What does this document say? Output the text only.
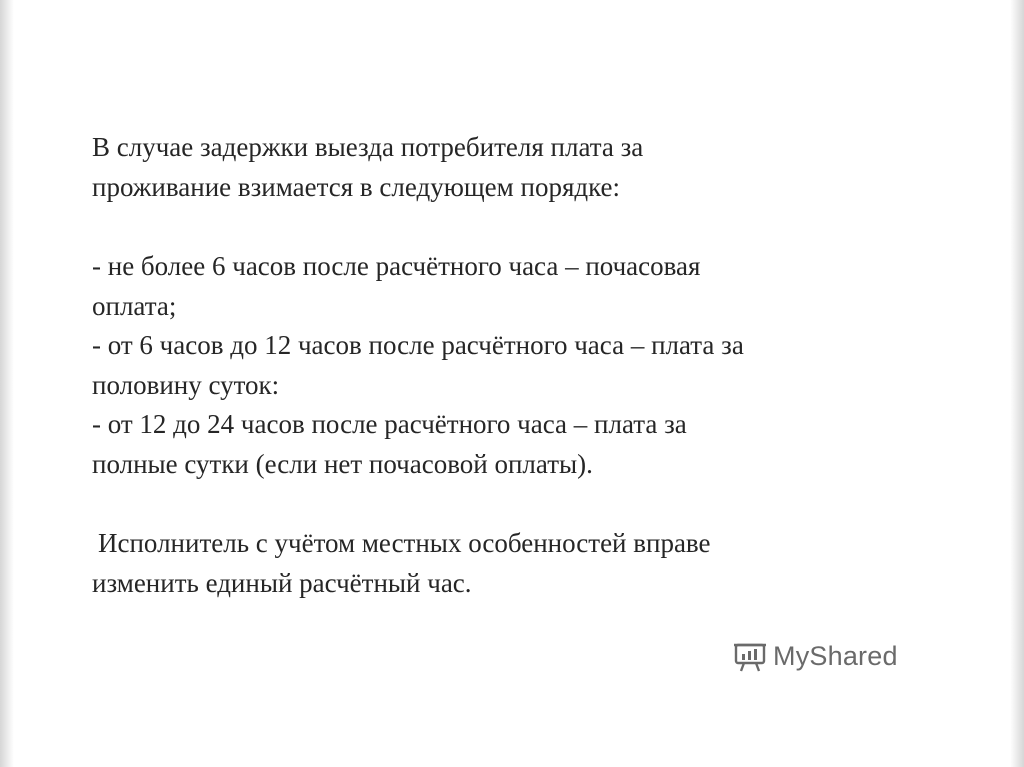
В случае задержки выезда потребителя плата за
проживание взимается в следующем порядке:
- не более 6 часов после расчётного часа – почасовая
оплата;
- от 6 часов до 12 часов после расчётного часа – плата за
половину суток:
- от 12 до 24 часов после расчётного часа – плата за
полные сутки (если нет почасовой оплаты).
Исполнитель с учётом местных особенностей вправе
изменить единый расчётный час.
MyShared
